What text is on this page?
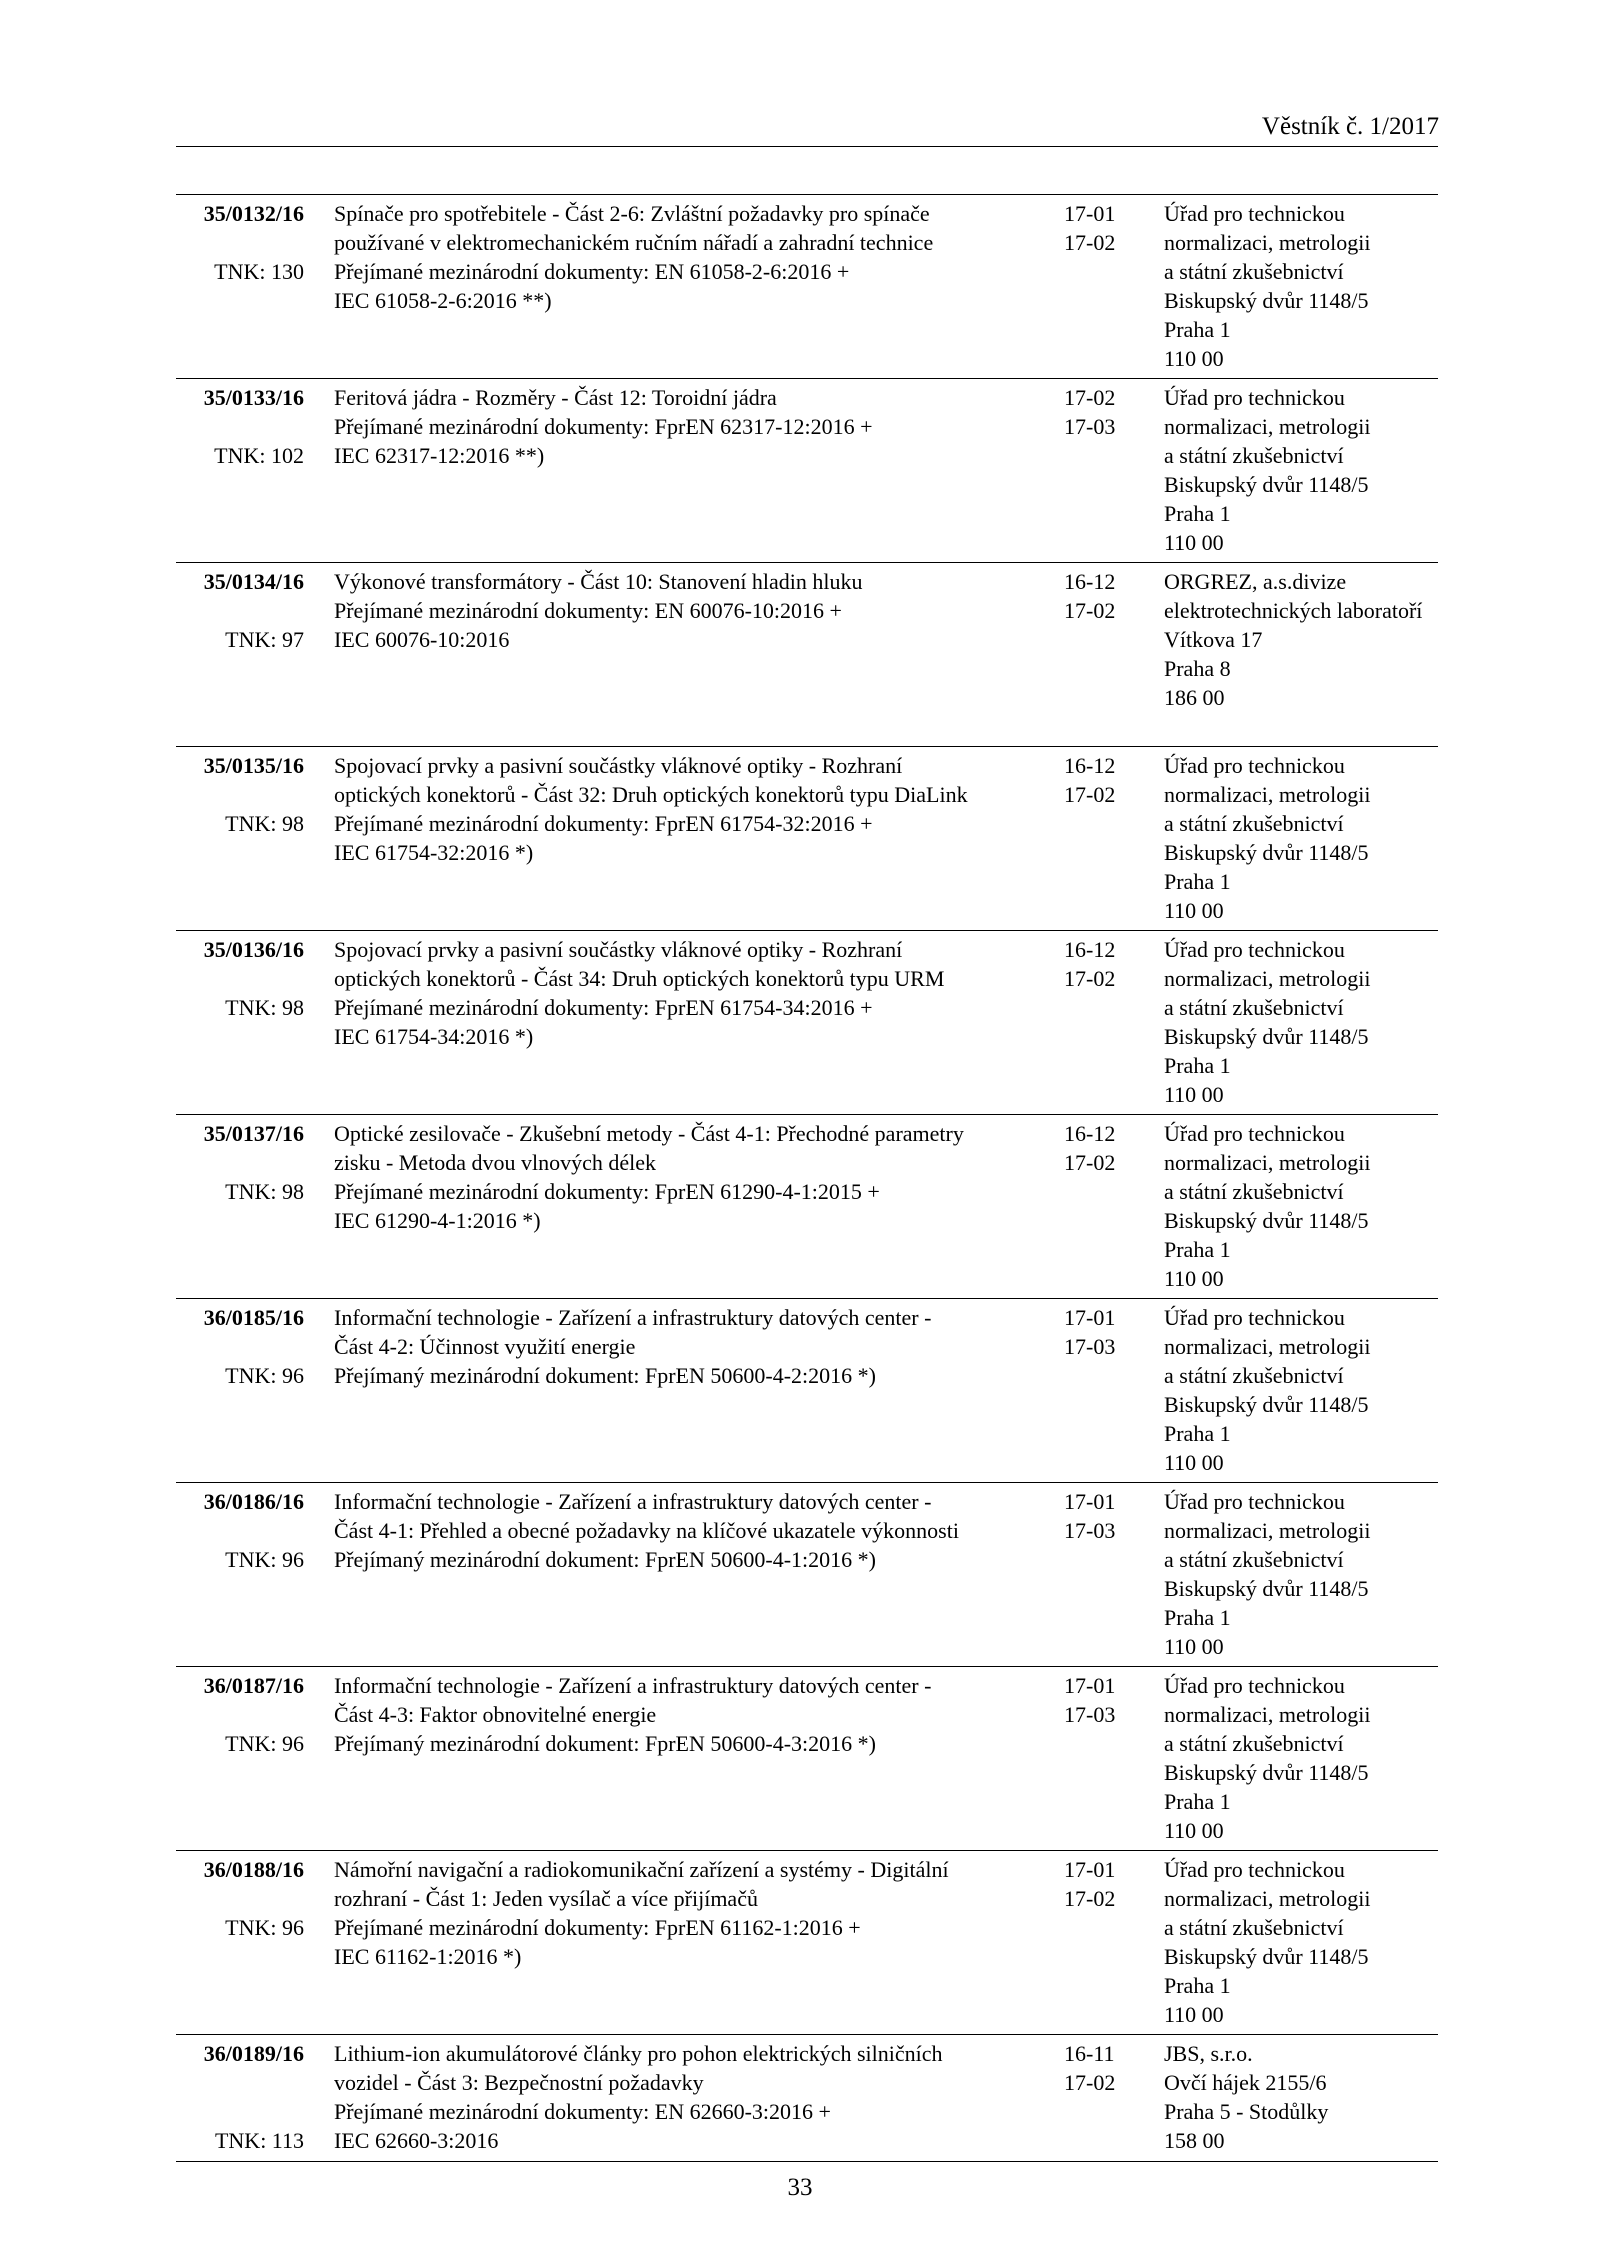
Věstník č. 1/2017
35/0132/16
TNK: 130
Spínače pro spotřebitele - Část 2-6: Zvláštní požadavky pro spínače
používané v elektromechanickém ručním nářadí a zahradní technice
Přejímané mezinárodní dokumenty: EN 61058-2-6:2016 +
IEC 61058-2-6:2016 **)
17-01
17-02
Úřad pro technickou
normalizaci, metrologii
a státní zkušebnictví
Biskupský dvůr 1148/5
Praha 1
110 00
35/0133/16
TNK: 102
Feritová jádra - Rozměry - Část 12: Toroidní jádra
Přejímané mezinárodní dokumenty: FprEN 62317-12:2016 +
IEC 62317-12:2016 **)
17-02
17-03
Úřad pro technickou
normalizaci, metrologii
a státní zkušebnictví
Biskupský dvůr 1148/5
Praha 1
110 00
35/0134/16
TNK: 97
Výkonové transformátory - Část 10: Stanovení hladin hluku
Přejímané mezinárodní dokumenty: EN 60076-10:2016 +
IEC 60076-10:2016
16-12
17-02
ORGREZ, a.s.divize
elektrotechnických laboratoří
Vítkova 17
Praha 8
186 00
35/0135/16
TNK: 98
Spojovací prvky a pasivní součástky vláknové optiky - Rozhraní
optických konektorů - Část 32: Druh optických konektorů typu DiaLink
Přejímané mezinárodní dokumenty: FprEN 61754-32:2016 +
IEC 61754-32:2016 *)
16-12
17-02
Úřad pro technickou
normalizaci, metrologii
a státní zkušebnictví
Biskupský dvůr 1148/5
Praha 1
110 00
35/0136/16
TNK: 98
Spojovací prvky a pasivní součástky vláknové optiky - Rozhraní
optických konektorů - Část 34: Druh optických konektorů typu URM
Přejímané mezinárodní dokumenty: FprEN 61754-34:2016 +
IEC 61754-34:2016 *)
16-12
17-02
Úřad pro technickou
normalizaci, metrologii
a státní zkušebnictví
Biskupský dvůr 1148/5
Praha 1
110 00
35/0137/16
TNK: 98
Optické zesilovače - Zkušební metody - Část 4-1: Přechodné parametry
zisku - Metoda dvou vlnových délek
Přejímané mezinárodní dokumenty: FprEN 61290-4-1:2015 +
IEC 61290-4-1:2016 *)
16-12
17-02
Úřad pro technickou
normalizaci, metrologii
a státní zkušebnictví
Biskupský dvůr 1148/5
Praha 1
110 00
36/0185/16
TNK: 96
Informační technologie - Zařízení a infrastruktury datových center -
Část 4-2: Účinnost využití energie
Přejímaný mezinárodní dokument: FprEN 50600-4-2:2016 *)
17-01
17-03
Úřad pro technickou
normalizaci, metrologii
a státní zkušebnictví
Biskupský dvůr 1148/5
Praha 1
110 00
36/0186/16
TNK: 96
Informační technologie - Zařízení a infrastruktury datových center -
Část 4-1: Přehled a obecné požadavky na klíčové ukazatele výkonnosti
Přejímaný mezinárodní dokument: FprEN 50600-4-1:2016 *)
17-01
17-03
Úřad pro technickou
normalizaci, metrologii
a státní zkušebnictví
Biskupský dvůr 1148/5
Praha 1
110 00
36/0187/16
TNK: 96
Informační technologie - Zařízení a infrastruktury datových center -
Část 4-3: Faktor obnovitelné energie
Přejímaný mezinárodní dokument: FprEN 50600-4-3:2016 *)
17-01
17-03
Úřad pro technickou
normalizaci, metrologii
a státní zkušebnictví
Biskupský dvůr 1148/5
Praha 1
110 00
36/0188/16
TNK: 96
Námořní navigační a radiokomunikační zařízení a systémy - Digitální
rozhraní - Část 1: Jeden vysílač a více přijímačů
Přejímané mezinárodní dokumenty: FprEN 61162-1:2016 +
IEC 61162-1:2016 *)
17-01
17-02
Úřad pro technickou
normalizaci, metrologii
a státní zkušebnictví
Biskupský dvůr 1148/5
Praha 1
110 00
36/0189/16
TNK: 113
Lithium-ion akumulátorové články pro pohon elektrických silničních
vozidel - Část 3: Bezpečnostní požadavky
Přejímané mezinárodní dokumenty: EN 62660-3:2016 +
IEC 62660-3:2016
16-11
17-02
JBS, s.r.o.
Ovčí hájek 2155/6
Praha 5 - Stodůlky
158 00
33
